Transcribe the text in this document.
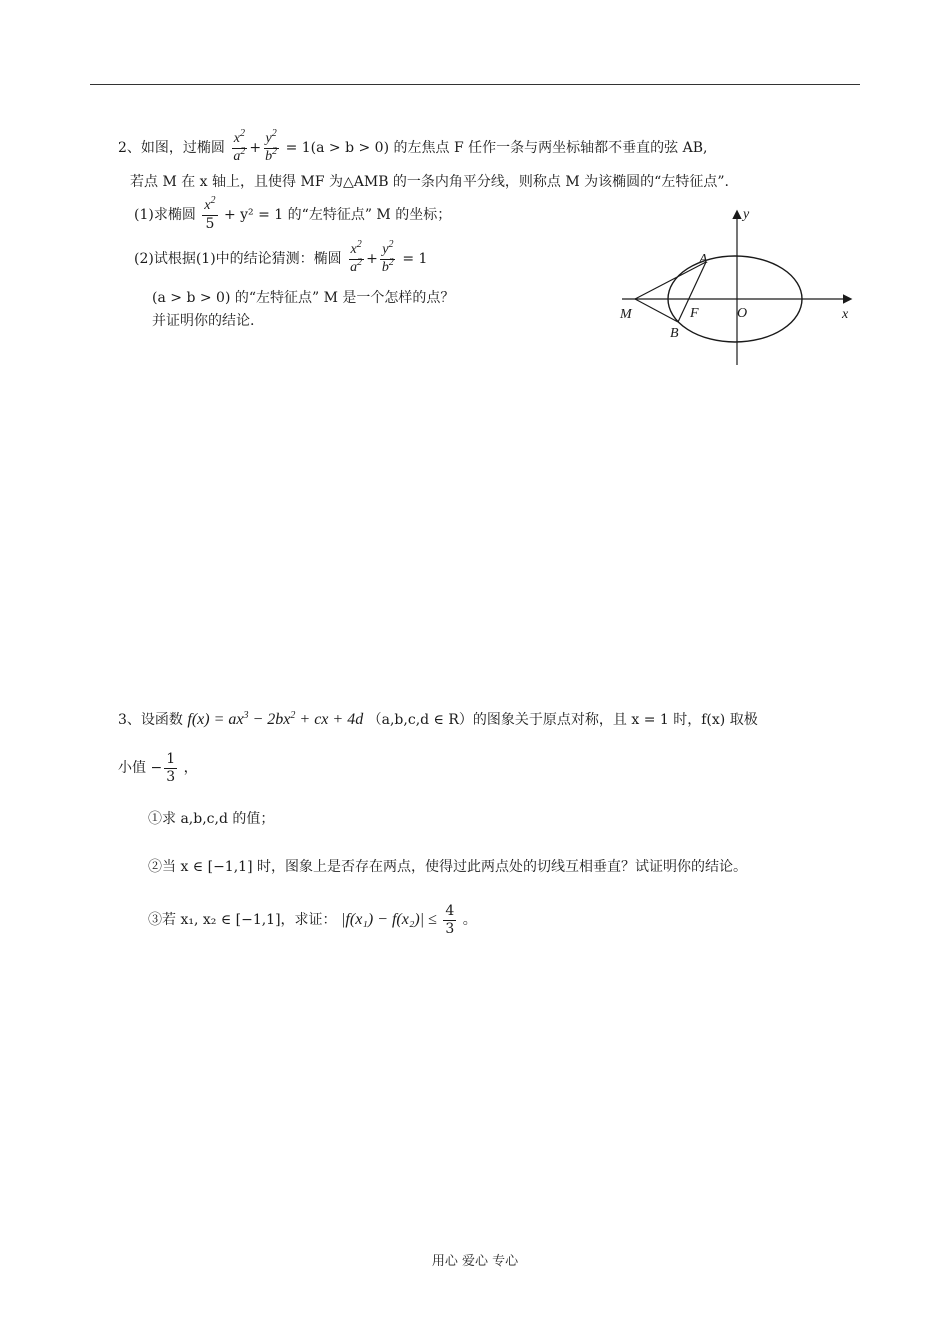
2、如图，过椭圆 $\frac{x^2}{a^2} + \frac{y^2}{b^2} = 1(a > b > 0)$ 的左焦点 F 任作一条与两坐标轴都不垂直的弦 AB,
若点 M 在 x 轴上，且使得 MF 为△AMB 的一条内角平分线，则称点 M 为该椭圆的“左特征点”.
(1)求椭圆 $\frac{x^2}{5} + y^2 = 1$ 的“左特征点” M 的坐标；
(2)试根据(1)中的结论猜测：椭圆 $\frac{x^2}{a^2} + \frac{y^2}{b^2} = 1$
(a > b > 0) 的“左特征点” M 是一个怎样的点？
并证明你的结论.
y
x
A
B
M	F	O
3、设函数 $f(x) = ax^3 - 2bx^2$ + cx + 4d （a,b,c,d ∈ R）的图象关于原点对称，且 x = 1 时，f(x) 取极
小值 − $\frac{1}{3}$ ，
①求 a,b,c,d 的值；
②当 x ∈ [−1,1] 时，图象上是否存在两点，使得过此两点处的切线互相垂直？试证明你的结论。
③若 x₁, x₂ ∈ [−1,1]，求证： $|f(x_1) - f(x_2)| \le \frac{4}{3}$ 。
用心 爱心 专心
